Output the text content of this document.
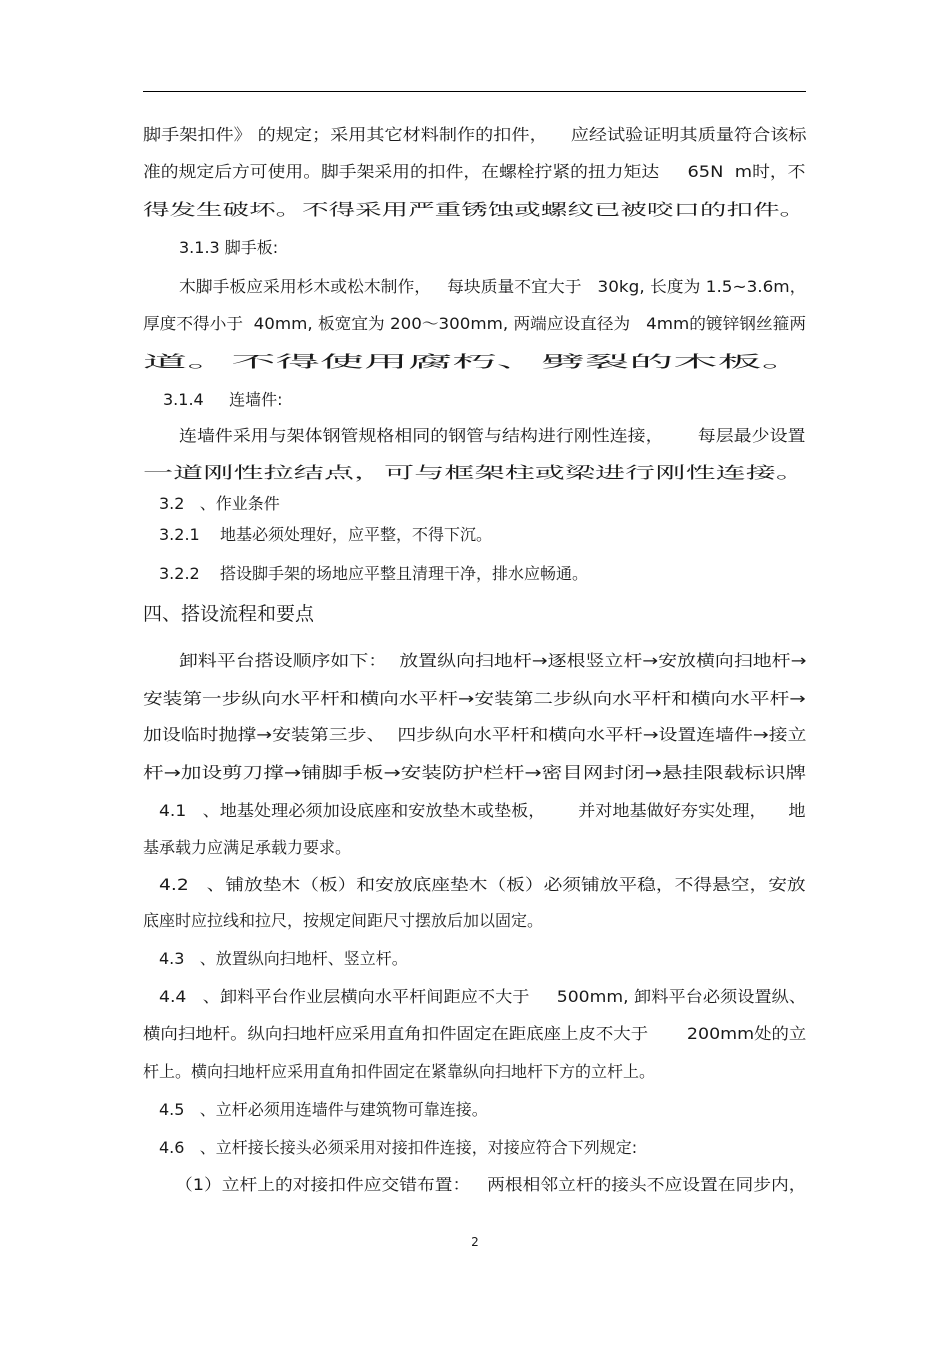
脚手架扣件》 的规定；采用其它材料制作的扣件，    应经试验证明其质量符合该标
准的规定后方可使用。脚手架采用的扣件，在螺栓拧紧的扭力矩达     65N  m时，不
得发生破坏。不得采用严重锈蚀或螺纹已被咬口的扣件。
3.1.3 脚手板:
木脚手板应采用杉木或松木制作，   每块质量不宜大于   30kg, 长度为 1.5~3.6m，
厚度不得小于  40mm, 板宽宜为 200～300mm, 两端应设直径为   4mm的镀锌钢丝箍两
道。不得使用腐朽、劈裂的木板。
3.1.4     连墙件:
连墙件采用与架体钢管规格相同的钢管与结构进行刚性连接，      每层最少设置
一道刚性拉结点，可与框架柱或梁进行刚性连接。
3.2   、作业条件
3.2.1    地基必须处理好，应平整，不得下沉。
3.2.2    搭设脚手架的场地应平整且清理干净，排水应畅通。
四、搭设流程和要点
卸料平台搭设顺序如下：  放置纵向扫地杆→逐根竖立杆→安放横向扫地杆→
安装第一步纵向水平杆和横向水平杆→安装第二步纵向水平杆和横向水平杆→
加设临时抛撑→安装第三步、  四步纵向水平杆和横向水平杆→设置连墙件→接立
杆→加设剪刀撑→铺脚手板→安装防护栏杆→密目网封闭→悬挂限载标识牌
4.1   、地基处理必须加设底座和安放垫木或垫板，      并对地基做好夯实处理，    地
基承载力应满足承载力要求。
4.2   、铺放垫木（板）和安放底座垫木（板）必须铺放平稳，不得悬空，安放
底座时应拉线和拉尺，按规定间距尺寸摆放后加以固定。
4.3   、放置纵向扫地杆、竖立杆。
4.4   、卸料平台作业层横向水平杆间距应不大于     500mm, 卸料平台必须设置纵、
横向扫地杆。纵向扫地杆应采用直角扣件固定在距底座上皮不大于       200mm处的立
杆上。横向扫地杆应采用直角扣件固定在紧靠纵向扫地杆下方的立杆上。
4.5   、立杆必须用连墙件与建筑物可靠连接。
4.6   、立杆接长接头必须采用对接扣件连接，对接应符合下列规定:
（1）立杆上的对接扣件应交错布置：   两根相邻立杆的接头不应设置在同步内，
2
